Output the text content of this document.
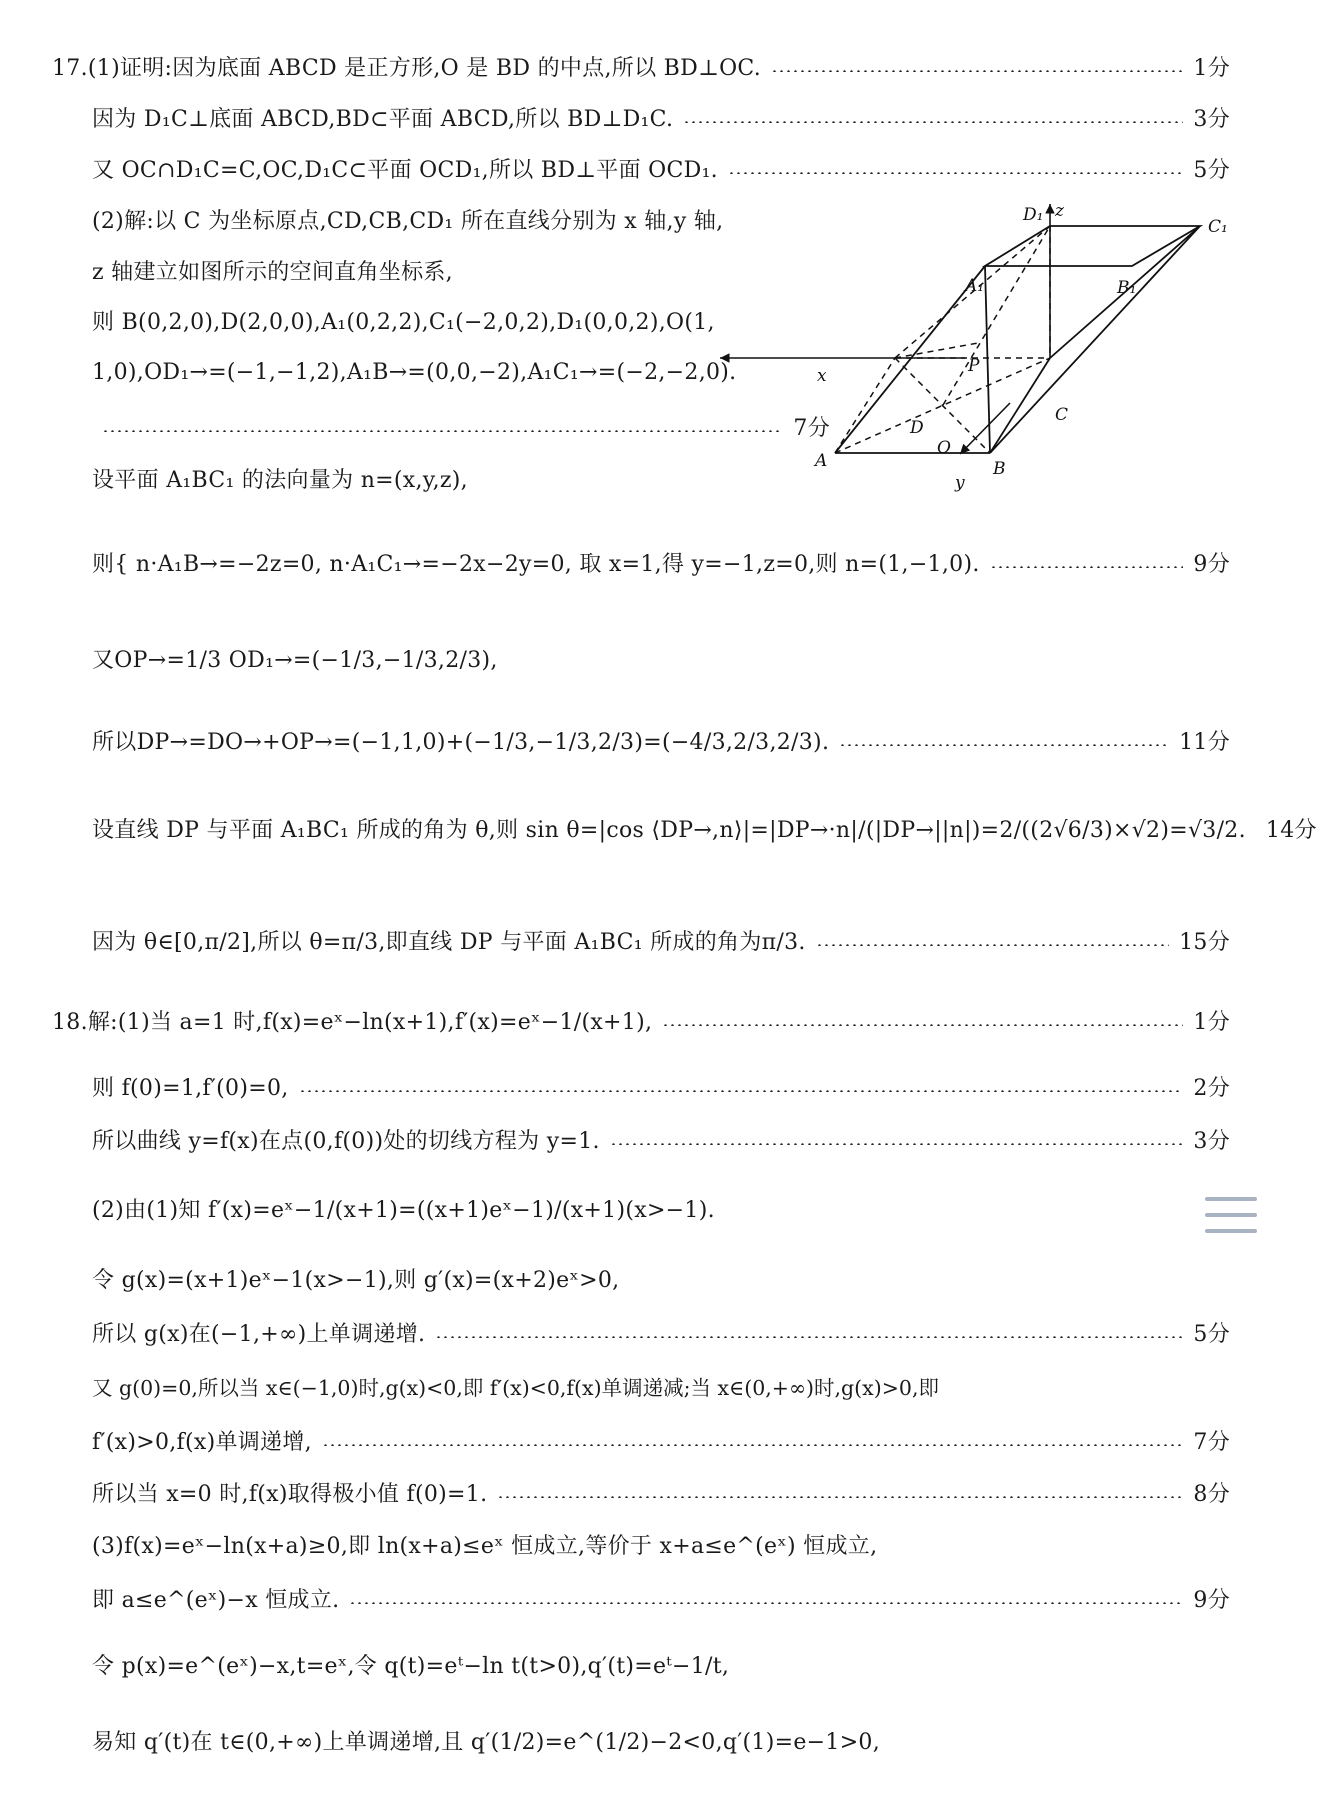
17.(1)证明:因为底面 ABCD 是正方形,O 是 BD 的中点,所以 BD⊥OC.	1分
因为 D₁C⊥底面 ABCD,BD⊂平面 ABCD,所以 BD⊥D₁C.	3分
又 OC∩D₁C=C,OC,D₁C⊂平面 OCD₁,所以 BD⊥平面 OCD₁.	5分
(2)解:以 C 为坐标原点,CD,CB,CD₁ 所在直线分别为 x 轴,y 轴,
z 轴建立如图所示的空间直角坐标系,
则 B(0,2,0),D(2,0,0),A₁(0,2,2),C₁(−2,0,2),D₁(0,0,2),O(1,
1,0),OD₁→=(−1,−1,2),A₁B→=(0,0,−2),A₁C₁→=(−2,−2,0).
7分
设平面 A₁BC₁ 的法向量为 n=(x,y,z),
则{ n·A₁B→=−2z=0, n·A₁C₁→=−2x−2y=0, 取 x=1,得 y=−1,z=0,则 n=(1,−1,0).	9分
又OP→=1/3 OD₁→=(−1/3,−1/3,2/3),
所以DP→=DO→+OP→=(−1,1,0)+(−1/3,−1/3,2/3)=(−4/3,2/3,2/3).	11分
设直线 DP 与平面 A₁BC₁ 所成的角为 θ,则 sin θ=|cos ⟨DP→,n⟩|=|DP→·n|/(|DP→||n|)=2/((2√6/3)×√2)=√3/2. 14分
因为 θ∈[0,π/2],所以 θ=π/3,即直线 DP 与平面 A₁BC₁ 所成的角为π/3.	15分
18.解:(1)当 a=1 时,f(x)=eˣ−ln(x+1),f′(x)=eˣ−1/(x+1),	1分
则 f(0)=1,f′(0)=0,	2分
所以曲线 y=f(x)在点(0,f(0))处的切线方程为 y=1.	3分
(2)由(1)知 f′(x)=eˣ−1/(x+1)=((x+1)eˣ−1)/(x+1)(x>−1).
令 g(x)=(x+1)eˣ−1(x>−1),则 g′(x)=(x+2)eˣ>0,
所以 g(x)在(−1,+∞)上单调递增.	5分
又 g(0)=0,所以当 x∈(−1,0)时,g(x)<0,即 f′(x)<0,f(x)单调递减;当 x∈(0,+∞)时,g(x)>0,即
f′(x)>0,f(x)单调递增,	7分
所以当 x=0 时,f(x)取得极小值 f(0)=1.	8分
(3)f(x)=eˣ−ln(x+a)≥0,即 ln(x+a)≤eˣ 恒成立,等价于 x+a≤e^(eˣ) 恒成立,
即 a≤e^(eˣ)−x 恒成立.	9分
令 p(x)=e^(eˣ)−x,t=eˣ,令 q(t)=eᵗ−ln t(t>0),q′(t)=eᵗ−1/t,
易知 q′(t)在 t∈(0,+∞)上单调递增,且 q′(1/2)=e^(1/2)−2<0,q′(1)=e−1>0,
z
x
y
D₁
C₁
A₁	B₁
P
D
O
C
A	B
